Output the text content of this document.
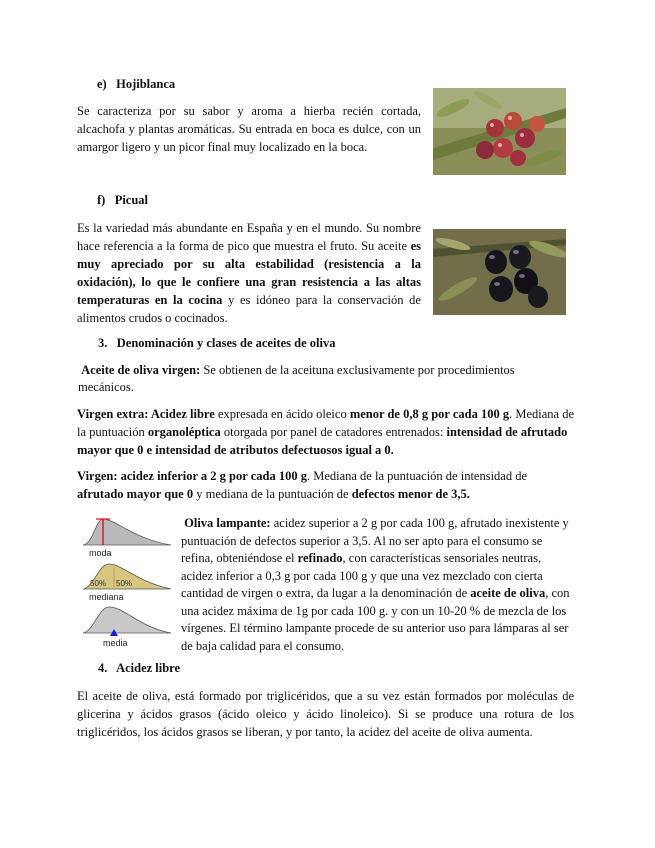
e) Hojiblanca

Se caracteriza por su sabor y aroma a hierba recién cortada, alcachofa y plantas aromáticas. Su entrada en boca es dulce, con un amargor ligero y un picor final muy localizado en la boca.

f) Picual

Es la variedad más abundante en España y en el mundo. Su nombre hace referencia a la forma de pico que muestra el fruto. Su aceite es muy apreciado por su alta estabilidad (resistencia a la oxidación), lo que le confiere una gran resistencia a las altas temperaturas en la cocina y es idóneo para la conservación de alimentos crudos o cocinados.

3. Denominación y clases de aceites de oliva

Aceite de oliva virgen: Se obtienen de la aceituna exclusivamente por procedimientos mecánicos.

Virgen extra: Acidez libre expresada en ácido oleico menor de 0,8 g por cada 100 g. Mediana de la puntuación organoléptica otorgada por panel de catadores entrenados: intensidad de afrutado mayor que 0 e intensidad de atributos defectuosos igual a 0.

Virgen: acidez inferior a 2 g por cada 100 g. Mediana de la puntuación de intensidad de afrutado mayor que 0 y mediana de la puntuación de defectos menor de 3,5.

moda
50% 50%
mediana
media

Oliva lampante: acidez superior a 2 g por cada 100 g, afrutado inexistente y puntuación de defectos superior a 3,5. Al no ser apto para el consumo se refina, obteniéndose el refinado, con características sensoriales neutras, acidez inferior a 0,3 g por cada 100 g y que una vez mezclado con cierta cantidad de virgen o extra, da lugar a la denominación de aceite de oliva, con una acidez máxima de 1g por cada 100 g. y con un 10-20 % de mezcla de los vírgenes. El término lampante procede de su anterior uso para lámparas al ser de baja calidad para el consumo.

4. Acidez libre

El aceite de oliva, está formado por triglicéridos, que a su vez están formados por moléculas de glicerina y ácidos grasos (ácido oleico y ácido linoleico). Si se produce una rotura de los triglicéridos, los ácidos grasos se liberan, y por tanto, la acidez del aceite de oliva aumenta.
